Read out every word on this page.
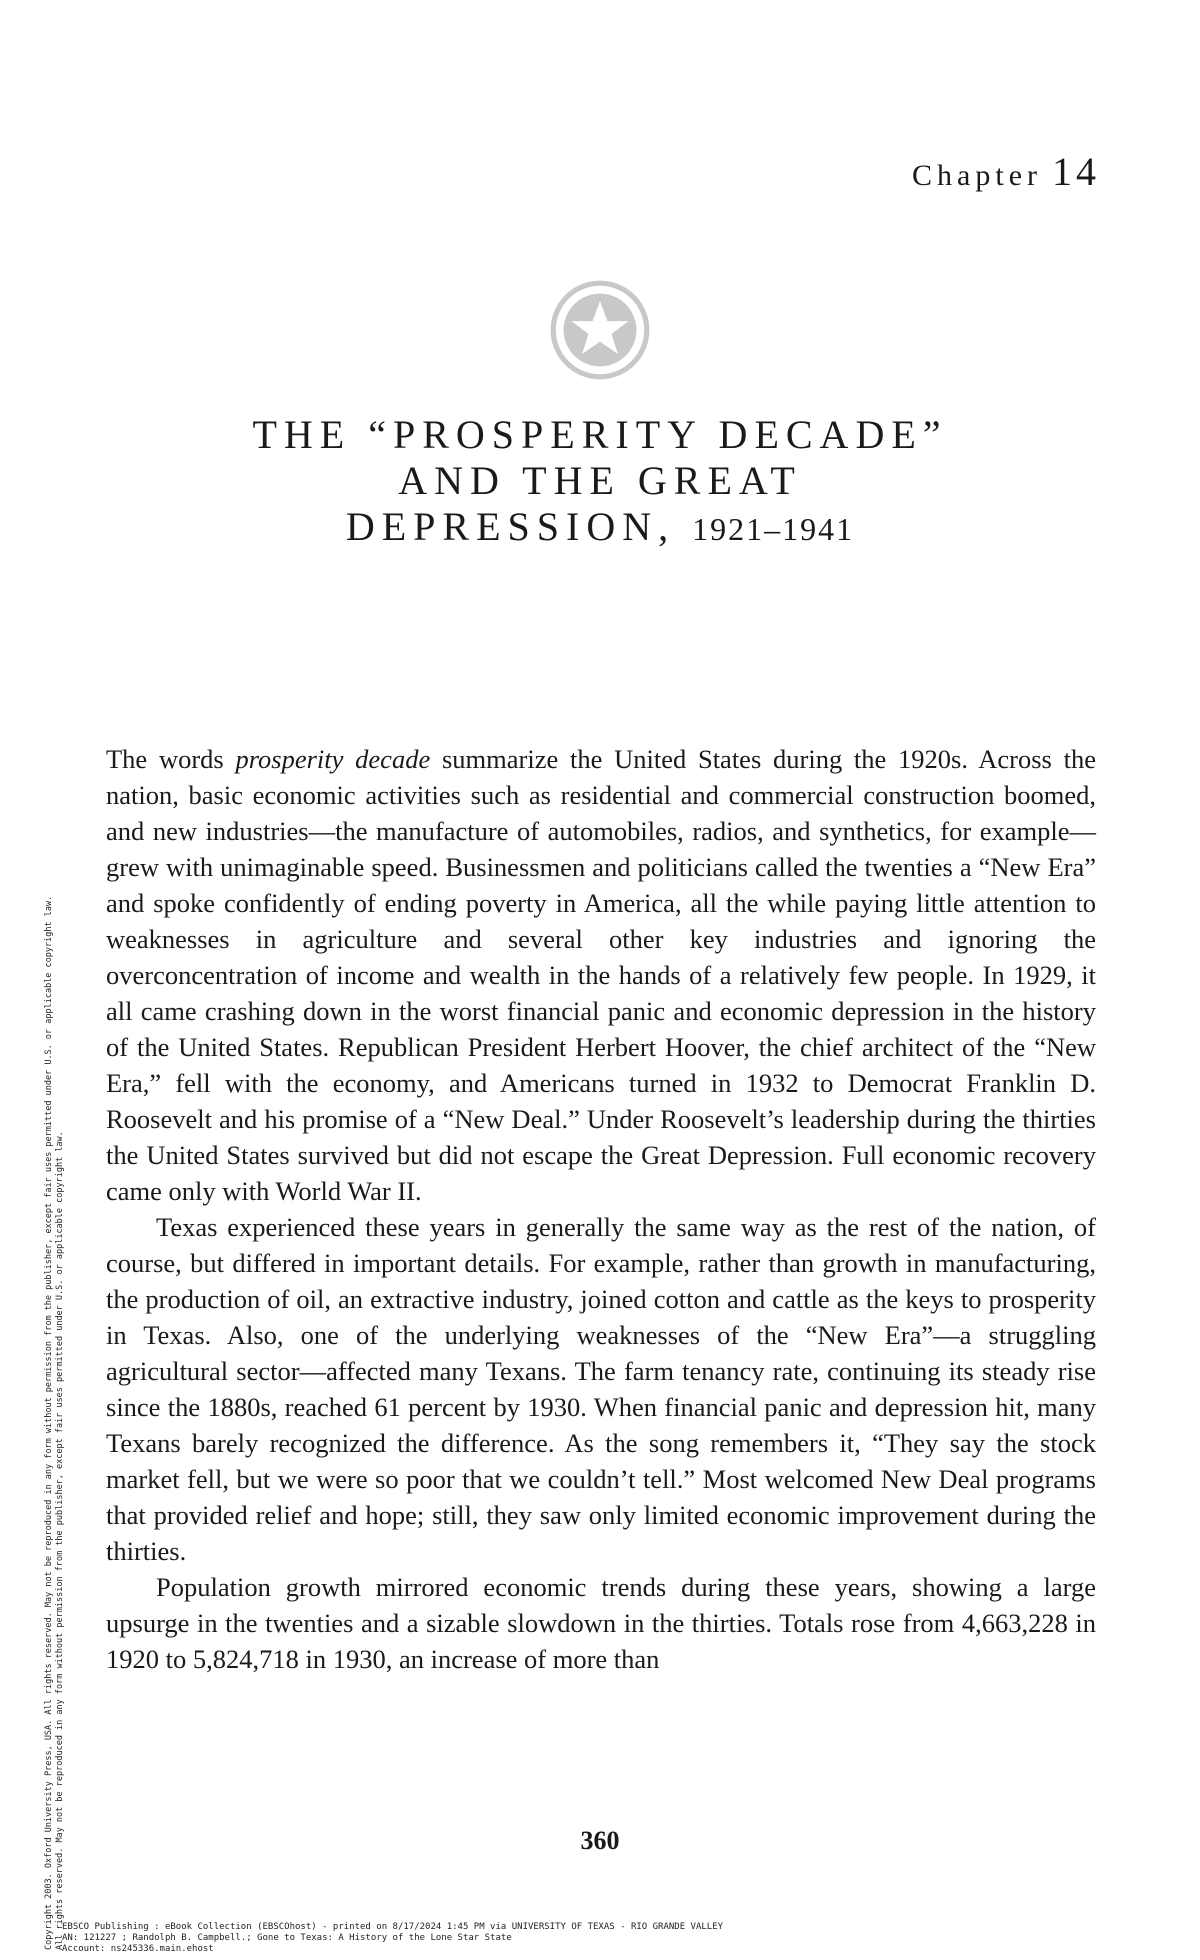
Chapter 14
THE “PROSPERITY DECADE”
AND THE GREAT
DEPRESSION, 1921–1941

The words prosperity decade summarize the United States during the 1920s. Across the nation, basic economic activities such as residential and commercial construction boomed, and new industries—the manufacture of automobiles, radios, and synthetics, for example—grew with unimaginable speed. Businessmen and politicians called the twenties a “New Era” and spoke confidently of ending poverty in America, all the while paying little attention to weaknesses in agriculture and several other key industries and ignoring the overconcentration of income and wealth in the hands of a relatively few people. In 1929, it all came crashing down in the worst financial panic and economic depression in the history of the United States. Republican President Herbert Hoover, the chief architect of the “New Era,” fell with the economy, and Americans turned in 1932 to Democrat Franklin D. Roosevelt and his promise of a “New Deal.” Under Roosevelt’s leadership during the thirties the United States survived but did not escape the Great Depression. Full economic recovery came only with World War II.

Texas experienced these years in generally the same way as the rest of the nation, of course, but differed in important details. For example, rather than growth in manufacturing, the production of oil, an extractive industry, joined cotton and cattle as the keys to prosperity in Texas. Also, one of the underlying weaknesses of the “New Era”—a struggling agricultural sector—affected many Texans. The farm tenancy rate, continuing its steady rise since the 1880s, reached 61 percent by 1930. When financial panic and depression hit, many Texans barely recognized the difference. As the song remembers it, “They say the stock market fell, but we were so poor that we couldn’t tell.” Most welcomed New Deal programs that provided relief and hope; still, they saw only limited economic improvement during the thirties.

Population growth mirrored economic trends during these years, showing a large upsurge in the twenties and a sizable slowdown in the thirties. Totals rose from 4,663,228 in 1920 to 5,824,718 in 1930, an increase of more than

360
Copyright 2003. Oxford University Press, USA. All rights reserved. May not be reproduced in any form without permission from the publisher, except fair uses permitted under U.S. or applicable copyright law. All rights reserved. May not be reproduced in any form without permission from the publisher, except fair uses permitted under U.S. or applicable copyright law.
EBSCO Publishing : eBook Collection (EBSCOhost) - printed on 8/17/2024 1:45 PM via UNIVERSITY OF TEXAS - RIO GRANDE VALLEY
AN: 121227 ; Randolph B. Campbell.; Gone to Texas: A History of the Lone Star State
Account: ns245336.main.ehost
